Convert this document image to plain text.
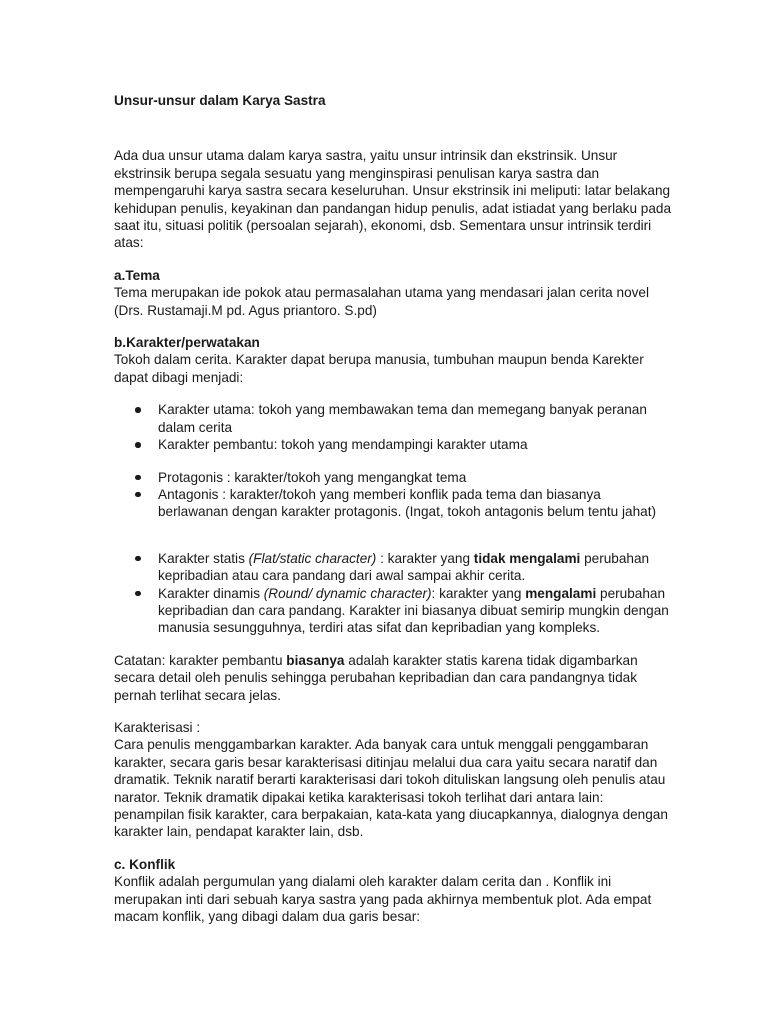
Unsur-unsur dalam Karya Sastra

Ada dua unsur utama dalam karya sastra, yaitu unsur intrinsik dan ekstrinsik. Unsur ekstrinsik berupa segala sesuatu yang menginspirasi penulisan karya sastra dan mempengaruhi karya sastra secara keseluruhan. Unsur ekstrinsik ini meliputi: latar belakang kehidupan penulis, keyakinan dan pandangan hidup penulis, adat istiadat yang berlaku pada saat itu, situasi politik (persoalan sejarah), ekonomi, dsb. Sementara unsur intrinsik terdiri atas:

a.Tema

Tema merupakan ide pokok atau permasalahan utama yang mendasari jalan cerita novel (Drs. Rustamaji.M pd. Agus priantoro. S.pd)

b.Karakter/perwatakan

Tokoh dalam cerita. Karakter dapat berupa manusia, tumbuhan maupun benda Karekter dapat dibagi menjadi:

Karakter utama: tokoh yang membawakan tema dan memegang banyak peranan dalam cerita
Karakter pembantu: tokoh yang mendampingi karakter utama
Protagonis : karakter/tokoh yang mengangkat tema
Antagonis : karakter/tokoh yang memberi konflik pada tema dan biasanya berlawanan dengan karakter protagonis. (Ingat, tokoh antagonis belum tentu jahat)
Karakter statis (Flat/static character) : karakter yang tidak mengalami perubahan kepribadian atau cara pandang dari awal sampai akhir cerita.
Karakter dinamis (Round/ dynamic character): karakter yang mengalami perubahan kepribadian dan cara pandang. Karakter ini biasanya dibuat semirip mungkin dengan manusia sesungguhnya, terdiri atas sifat dan kepribadian yang kompleks.

Catatan: karakter pembantu biasanya adalah karakter statis karena tidak digambarkan secara detail oleh penulis sehingga perubahan kepribadian dan cara pandangnya tidak pernah terlihat secara jelas.

Karakterisasi :

Cara penulis menggambarkan karakter. Ada banyak cara untuk menggali penggambaran karakter, secara garis besar karakterisasi ditinjau melalui dua cara yaitu secara naratif dan dramatik. Teknik naratif berarti karakterisasi dari tokoh dituliskan langsung oleh penulis atau narator. Teknik dramatik dipakai ketika karakterisasi tokoh terlihat dari antara lain: penampilan fisik karakter, cara berpakaian, kata-kata yang diucapkannya, dialognya dengan karakter lain, pendapat karakter lain, dsb.

c. Konflik

Konflik adalah pergumulan yang dialami oleh karakter dalam cerita dan . Konflik ini merupakan inti dari sebuah karya sastra yang pada akhirnya membentuk plot. Ada empat macam konflik, yang dibagi dalam dua garis besar:
